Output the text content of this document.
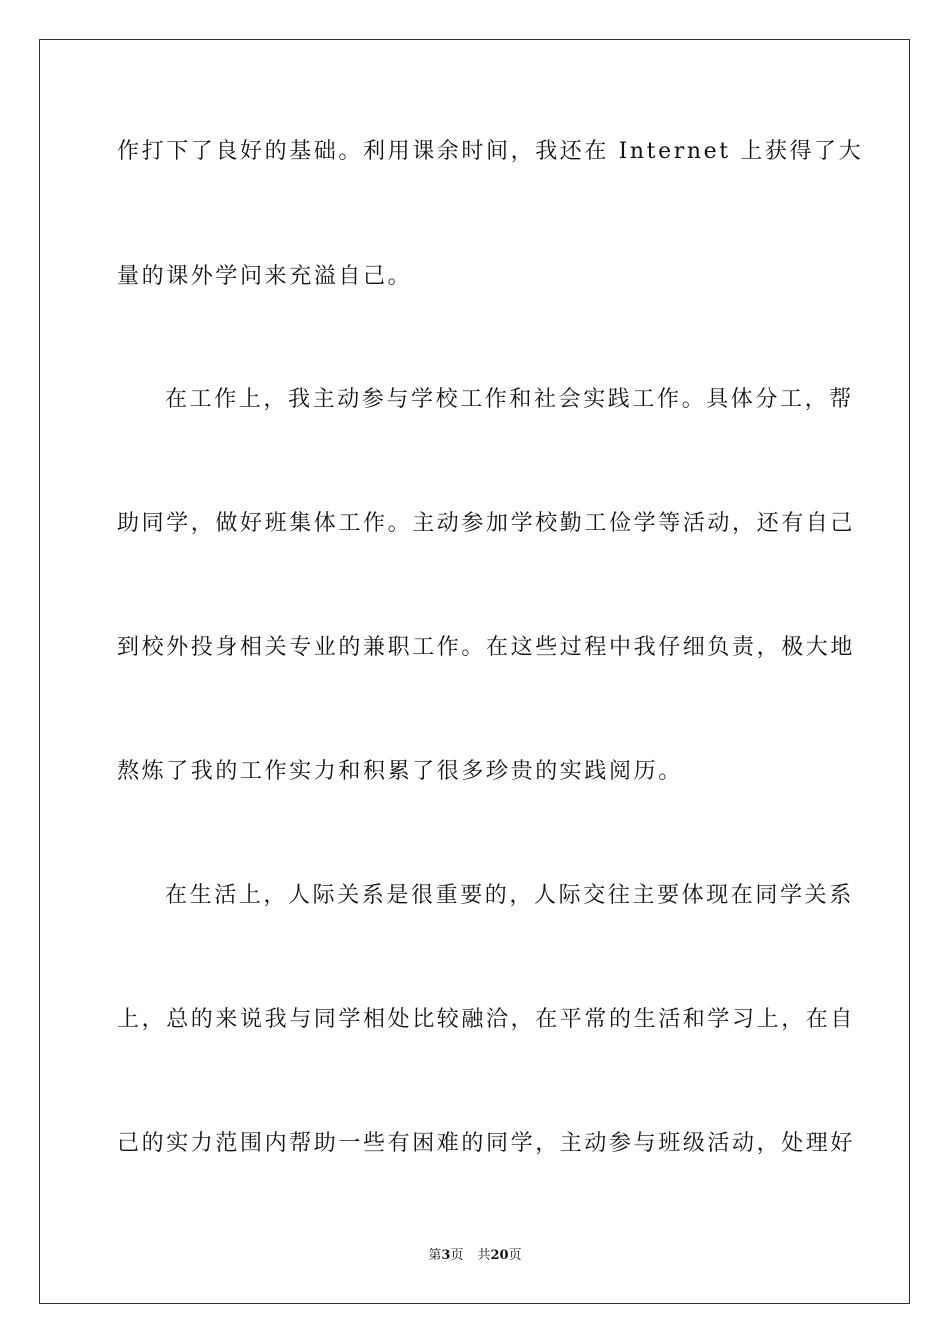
作打下了良好的基础。利用课余时间，我还在 Internet 上获得了大
量的课外学问来充溢自己。
在工作上，我主动参与学校工作和社会实践工作。具体分工，帮
助同学，做好班集体工作。主动参加学校勤工俭学等活动，还有自己
到校外投身相关专业的兼职工作。在这些过程中我仔细负责，极大地
熬炼了我的工作实力和积累了很多珍贵的实践阅历。
在生活上，人际关系是很重要的，人际交往主要体现在同学关系
上，总的来说我与同学相处比较融洽，在平常的生活和学习上，在自
己的实力范围内帮助一些有困难的同学，主动参与班级活动，处理好
第3页 共20页
